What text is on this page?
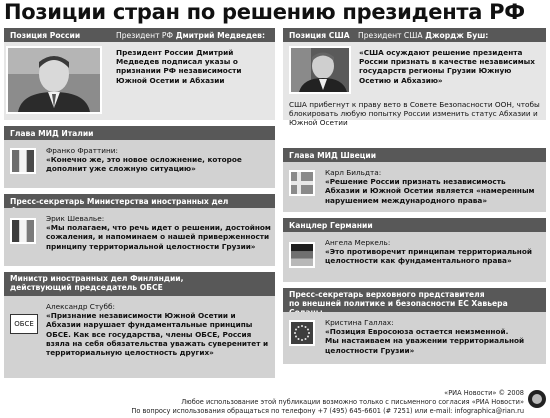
Позиции стран по решению президента РФ
Позиция России	Президент РФ Дмитрий Медведев:
Президент России Дмитрий Медведев подписал указы о признании РФ независимости Южной Осетии и Абхазии
Позиция США Президент США Джордж Буш:
«США осуждают решение президента России признать в качестве независимых государств регионы Грузии Южную Осетию и Абхазию»
США прибегнут к праву вето в Совете Безопасности ООН, чтобы блокировать любую попытку России изменить статус Абхазии и Южной Осетии
Глава МИД Италии
Франко Фраттини:
«Конечно же, это новое осложнение, которое дополнит уже сложную ситуацию»
Пресс-секретарь Министерства иностранных дел
Эрик Шевалье:
«Мы полагаем, что речь идет о решении, достойном сожаления, и напоминаем о нашей приверженности принципу территориальной целостности Грузии»
Министр иностранных дел Финляндии,
действующий председатель ОБСЕ
ОБСЕ
Александр Стубб:
«Признание независимости Южной Осетии и Абхазии нарушает фундаментальные принципы ОБСЕ. Как все государства, члены ОБСЕ, Россия взяла на себя обязательства уважать суверенитет и территориальную целостность других»
Глава МИД Швеции
Карл Бильдта:
«Решение России признать независимость Абхазии и Южной Осетии является «намеренным нарушением международного права»
Канцлер Германии
Ангела Меркель:
«Это противоречит принципам территориальной целостности как фундаментального права»
Пресс-секретарь верховного представителя
по внешней политике и безопасности ЕС Хавьера
Кристина Галлах:
«Позиция Евросоюза остается неизменной.
Мы настаиваем на уважении территориальной целостности Грузии»
«РИА Новости» © 2008
Любое использование этой публикации возможно только с письменного согласия «РИА Новости»
По вопросу использования обращаться по телефону +7 (495) 645-6601 (# 7251) или e-mail: infographica@rian.ru
